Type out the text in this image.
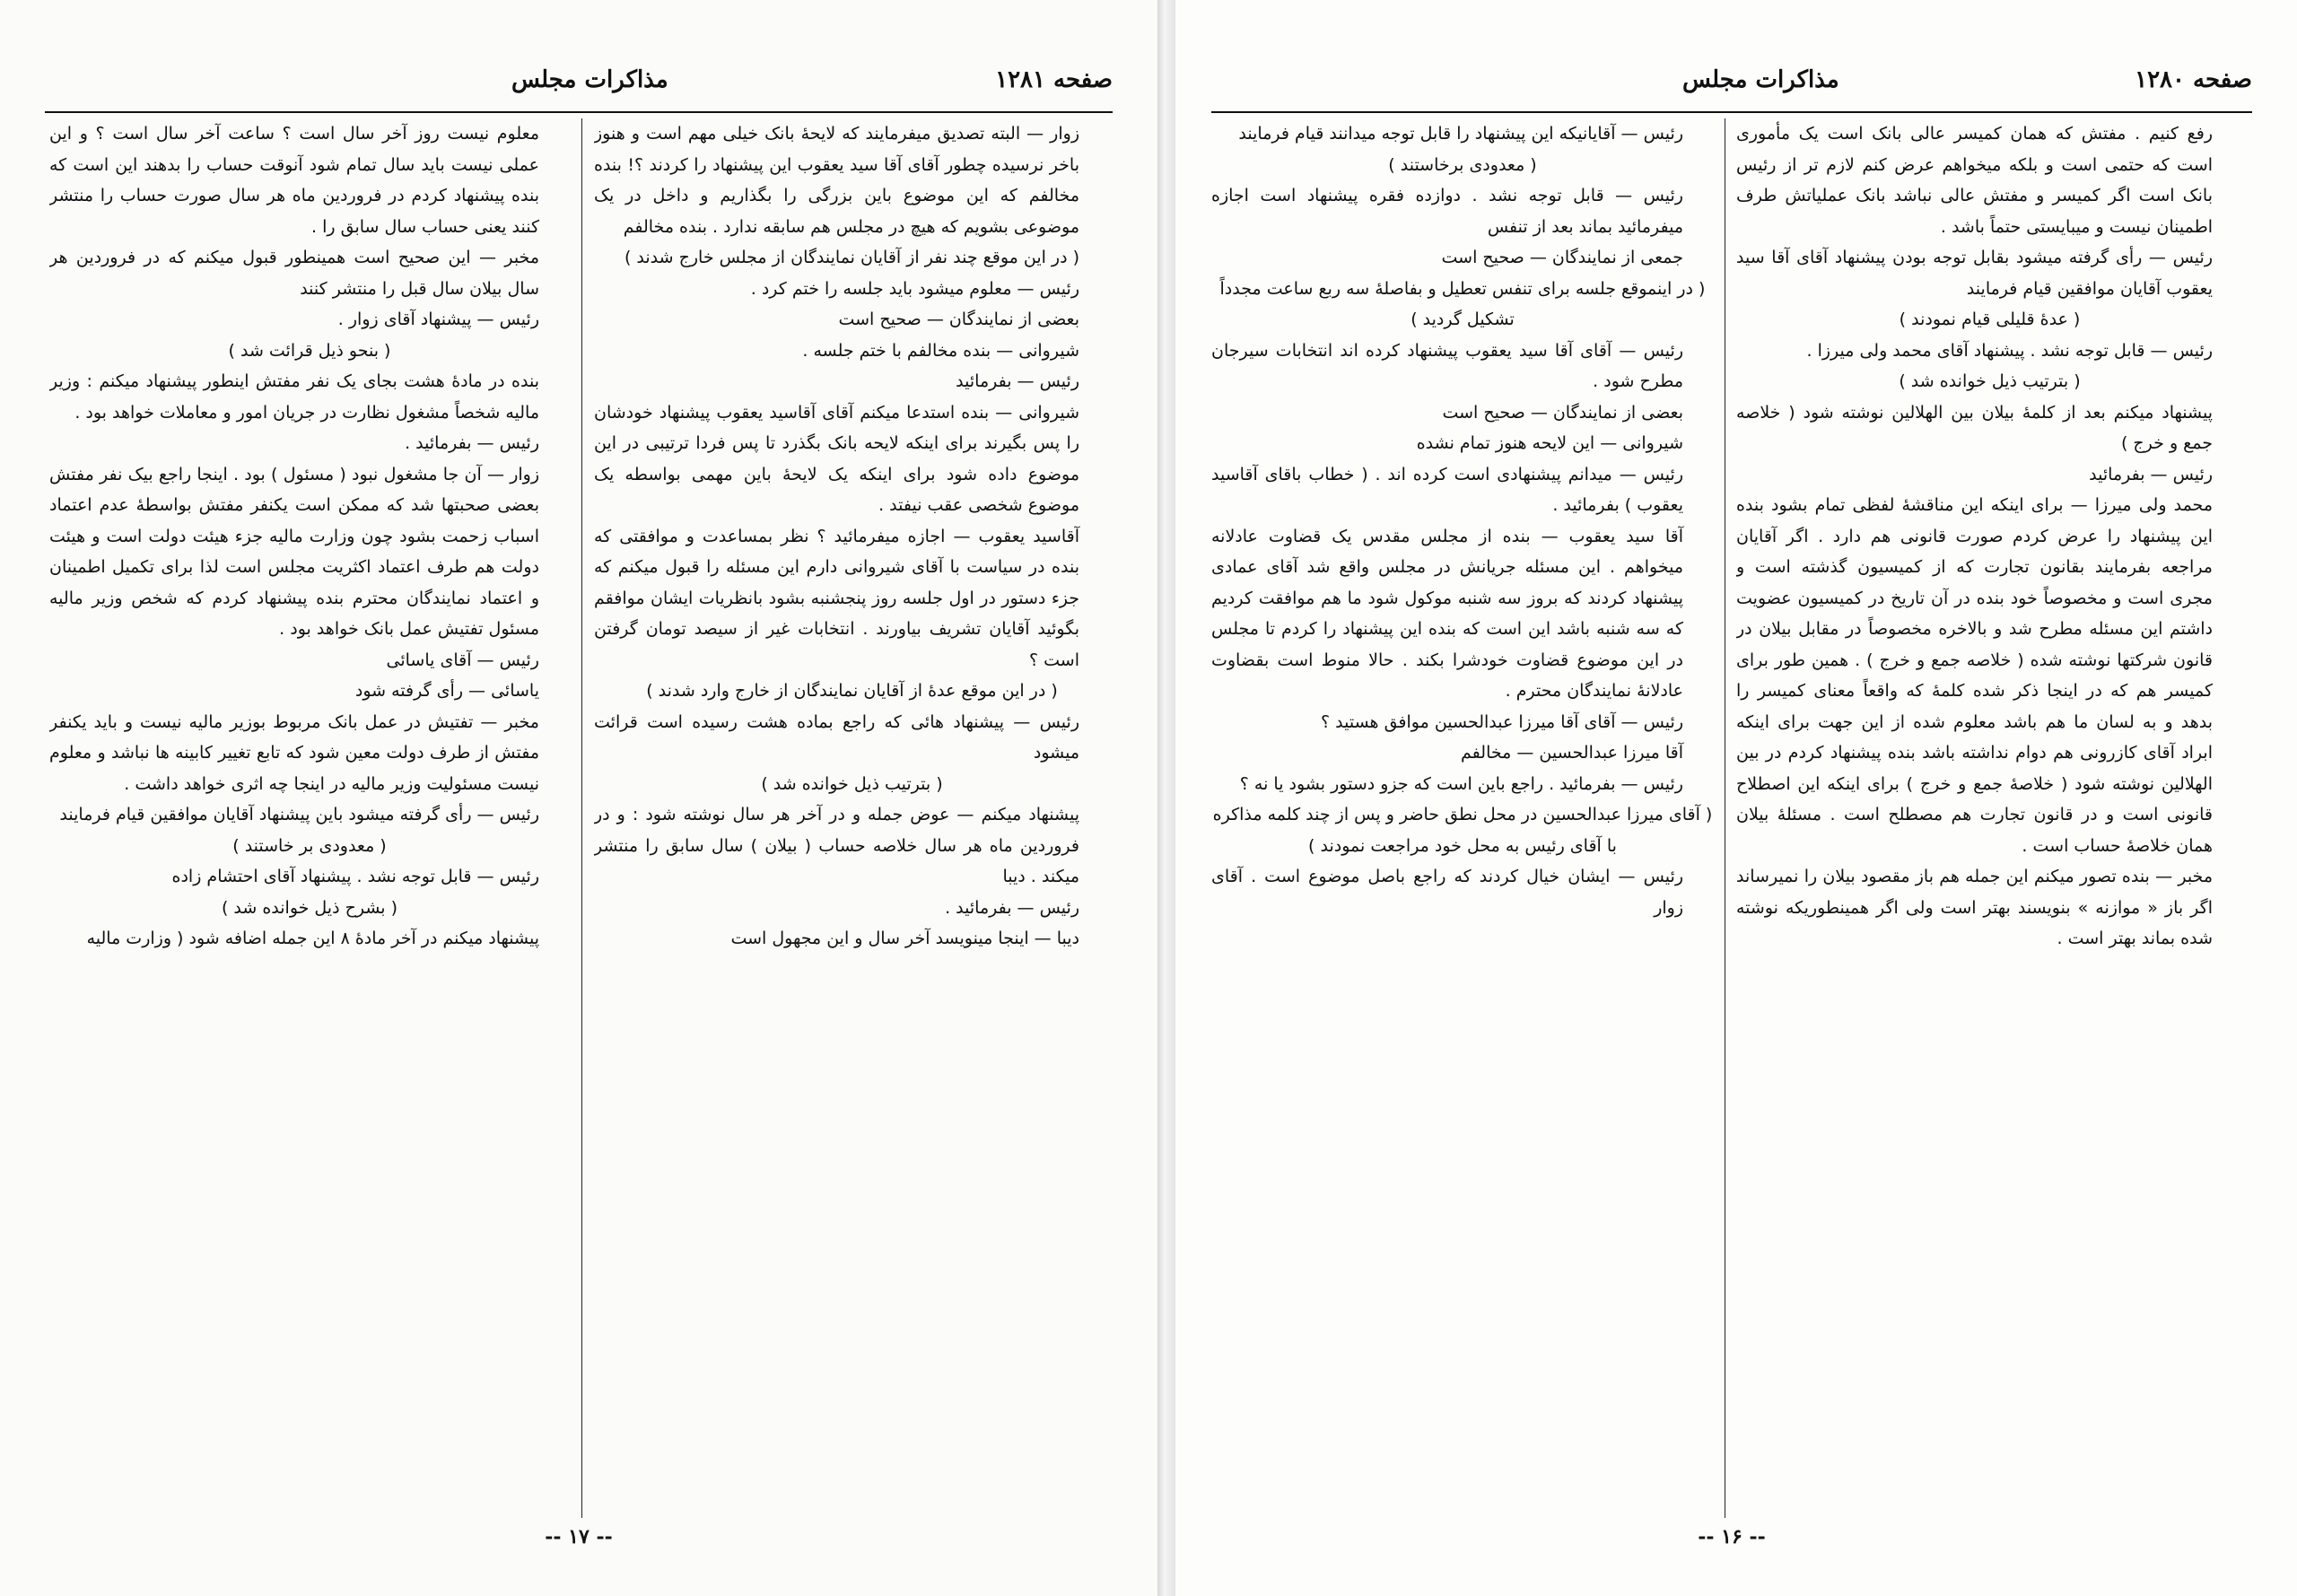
مذاکرات مجلس	صفحه ۱۲۸۱

زوار — البته تصدیق میفرمایند که لایحهٔ بانک خیلی مهم است و هنوز باخر نرسیده چطور آقای آقا سید یعقوب این پیشنهاد را کردند ؟! بنده مخالفم که این موضوع باین بزرگی را بگذاریم و داخل در یک موضوعی بشویم که هیچ در مجلس هم سابقه ندارد . بنده مخالفم

( در این موقع چند نفر از آقایان نمایندگان از مجلس خارج شدند )

رئیس — معلوم میشود باید جلسه را ختم کرد .

بعضی از نمایندگان — صحیح است

شیروانی — بنده مخالفم با ختم جلسه .

رئیس — بفرمائید

شیروانی — بنده استدعا میکنم آقای آقاسید یعقوب پیشنهاد خودشان را پس بگیرند برای اینکه لایحه بانک بگذرد تا پس فردا ترتیبی در این موضوع داده شود برای اینکه یک لایحهٔ باین مهمی بواسطه یک موضوع شخصی عقب نیفتد .

آقاسید یعقوب — اجازه میفرمائید ؟ نظر بمساعدت و موافقتی که بنده در سیاست با آقای شیروانی دارم این مسئله را قبول میکنم که جزء دستور در اول جلسه روز پنجشنبه بشود بانظریات ایشان موافقم بگوئید آقایان تشریف بیاورند . انتخابات غیر از سیصد تومان گرفتن است ؟

( در این موقع عدهٔ از آقایان نمایندگان از خارج وارد شدند )

رئیس — پیشنهاد هائی که راجع بماده هشت رسیده است قرائت میشود

( بترتیب ذیل خوانده شد )

پیشنهاد میکنم — عوض جمله و در آخر هر سال نوشته شود : و در فروردین ماه هر سال خلاصه حساب ( بیلان ) سال سابق را منتشر میکند . دیبا

رئیس — بفرمائید .

دیبا — اینجا مینویسد آخر سال و این مجهول است

معلوم نیست روز آخر سال است ؟ ساعت آخر سال است ؟ و این عملی نیست باید سال تمام شود آنوقت حساب را بدهند این است که بنده پیشنهاد کردم در فروردین ماه هر سال صورت حساب را منتشر کنند یعنی حساب سال سابق را .

مخبر — این صحیح است همینطور قبول میکنم که در فروردین هر سال بیلان سال قبل را منتشر کنند

رئیس — پیشنهاد آقای زوار .

( بنحو ذیل قرائت شد )

بنده در مادهٔ هشت بجای یک نفر مفتش اینطور پیشنهاد میکنم : وزیر مالیه شخصاً مشغول نظارت در جریان امور و معاملات خواهد بود .

رئیس — بفرمائید .

زوار — آن جا مشغول نبود ( مسئول ) بود . اینجا راجع بیک نفر مفتش بعضی صحبتها شد که ممکن است یکنفر مفتش بواسطهٔ عدم اعتماد اسباب زحمت بشود چون وزارت مالیه جزء هیئت دولت است و هیئت دولت هم طرف اعتماد اکثریت مجلس است لذا برای تکمیل اطمینان و اعتماد نمایندگان محترم بنده پیشنهاد کردم که شخص وزیر مالیه مسئول تفتیش عمل بانک خواهد بود .

رئیس — آقای یاسائی

یاسائی — رأی گرفته شود

مخبر — تفتیش در عمل بانک مربوط بوزیر مالیه نیست و باید یکنفر مفتش از طرف دولت معین شود که تابع تغییر کابینه ها نباشد و معلوم نیست مسئولیت وزیر مالیه در اینجا چه اثری خواهد داشت .

رئیس — رأی گرفته میشود باین پیشنهاد آقایان موافقین قیام فرمایند

( معدودی بر خاستند )

رئیس — قابل توجه نشد . پیشنهاد آقای احتشام زاده

( بشرح ذیل خوانده شد )

پیشنهاد میکنم در آخر مادهٔ ۸ این جمله اضافه شود ( وزارت مالیه

-- ۱۷ --
مذاکرات مجلس	صفحه ۱۲۸۰

رفع کنیم . مفتش که همان کمیسر عالی بانک است یک مأموری است که حتمی است و بلکه میخواهم عرض کنم لازم تر از رئیس بانک است اگر کمیسر و مفتش عالی نباشد بانک عملیاتش طرف اطمینان نیست و میبایستی حتماً باشد .

رئیس — رأی گرفته میشود بقابل توجه بودن پیشنهاد آقای آقا سید یعقوب آقایان موافقین قیام فرمایند

( عدهٔ قلیلی قیام نمودند )

رئیس — قابل توجه نشد . پیشنهاد آقای محمد ولی میرزا .

( بترتیب ذیل خوانده شد )

پیشنهاد میکنم بعد از کلمهٔ بیلان بین الهلالین نوشته شود ( خلاصه جمع و خرج )

رئیس — بفرمائید

محمد ولی میرزا — برای اینکه این مناقشهٔ لفظی تمام بشود بنده این پیشنهاد را عرض کردم صورت قانونی هم دارد . اگر آقایان مراجعه بفرمایند بقانون تجارت که از کمیسیون گذشته است و مجری است و مخصوصاً خود بنده در آن تاریخ در کمیسیون عضویت داشتم این مسئله مطرح شد و بالاخره مخصوصاً در مقابل بیلان در قانون شرکتها نوشته شده ( خلاصه جمع و خرج ) . همین طور برای کمیسر هم که در اینجا ذکر شده کلمهٔ که واقعاً معنای کمیسر را بدهد و به لسان ما هم باشد معلوم شده از این جهت برای اینکه ابراد آقای کازرونی هم دوام نداشته باشد بنده پیشنهاد کردم در بین الهلالین نوشته شود ( خلاصهٔ جمع و خرج ) برای اینکه این اصطلاح قانونی است و در قانون تجارت هم مصطلح است . مسئلهٔ بیلان همان خلاصهٔ حساب است .

مخبر — بنده تصور میکنم این جمله هم باز مقصود بیلان را نمیرساند اگر باز « موازنه » بنویسند بهتر است ولی اگر همینطوریکه نوشته شده بماند بهتر است .

رئیس — آقایانیکه این پیشنهاد را قابل توجه میدانند قیام فرمایند

( معدودی برخاستند )

رئیس — قابل توجه نشد . دوازده فقره پیشنهاد است اجازه میفرمائید بماند بعد از تنفس

جمعی از نمایندگان — صحیح است

( در اینموقع جلسه برای تنفس تعطیل و بفاصلهٔ سه ربع ساعت مجدداً تشکیل گردید )

رئیس — آقای آقا سید یعقوب پیشنهاد کرده اند انتخابات سیرجان مطرح شود .

بعضی از نمایندگان — صحیح است

شیروانی — این لایحه هنوز تمام نشده

رئیس — میدانم پیشنهادی است کرده اند . ( خطاب باقای آقاسید یعقوب ) بفرمائید .

آقا سید یعقوب — بنده از مجلس مقدس یک قضاوت عادلانه میخواهم . این مسئله جریانش در مجلس واقع شد آقای عمادی پیشنهاد کردند که بروز سه شنبه موکول شود ما هم موافقت کردیم که سه شنبه باشد این است که بنده این پیشنهاد را کردم تا مجلس در این موضوع قضاوت خودشرا بکند . حالا منوط است بقضاوت عادلانهٔ نمایندگان محترم .

رئیس — آقای آقا میرزا عبدالحسین موافق هستید ؟

آقا میرزا عبدالحسین — مخالفم

رئیس — بفرمائید . راجع باین است که جزو دستور بشود یا نه ؟

( آقای میرزا عبدالحسین در محل نطق حاضر و پس از چند کلمه مذاکره با آقای رئیس به محل خود مراجعت نمودند )

رئیس — ایشان خیال کردند که راجع باصل موضوع است . آقای زوار

-- ۱۶ --
